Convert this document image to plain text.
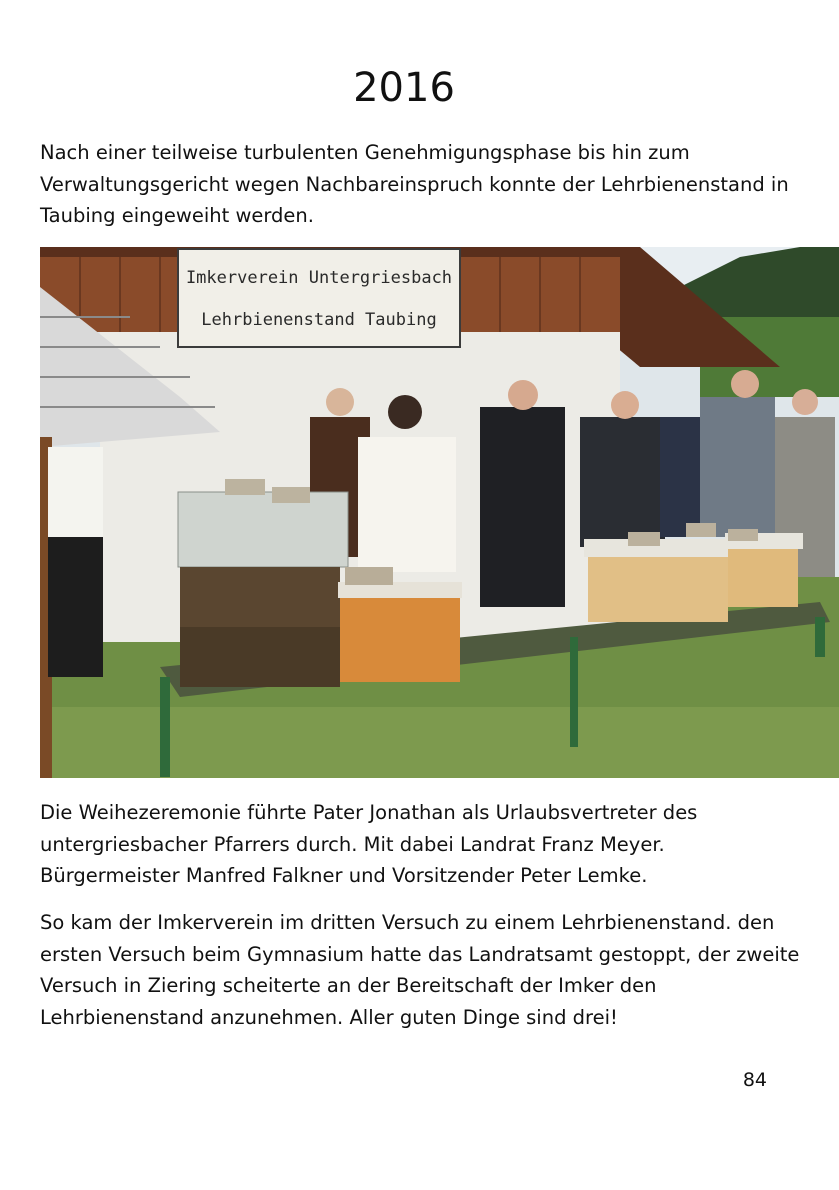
2016

Nach einer teilweise turbulenten Genehmigungsphase bis hin zum Verwaltungsgericht wegen Nachbareinspruch konnte der Lehrbienenstand in Taubing eingeweiht werden.

Imkerverein Untergriesbach
Lehrbienenstand Taubing

Die Weihezeremonie führte Pater Jonathan als Urlaubsvertreter des untergriesbacher Pfarrers durch. Mit dabei Landrat Franz Meyer. Bürgermeister Manfred Falkner und Vorsitzender Peter Lemke.

So kam der Imkerverein im dritten Versuch zu einem Lehrbienenstand. den ersten Versuch beim Gymnasium hatte das Landratsamt gestoppt, der zweite Versuch in Ziering scheiterte an der Bereitschaft der Imker den Lehrbienenstand anzunehmen. Aller guten Dinge sind drei!

84
